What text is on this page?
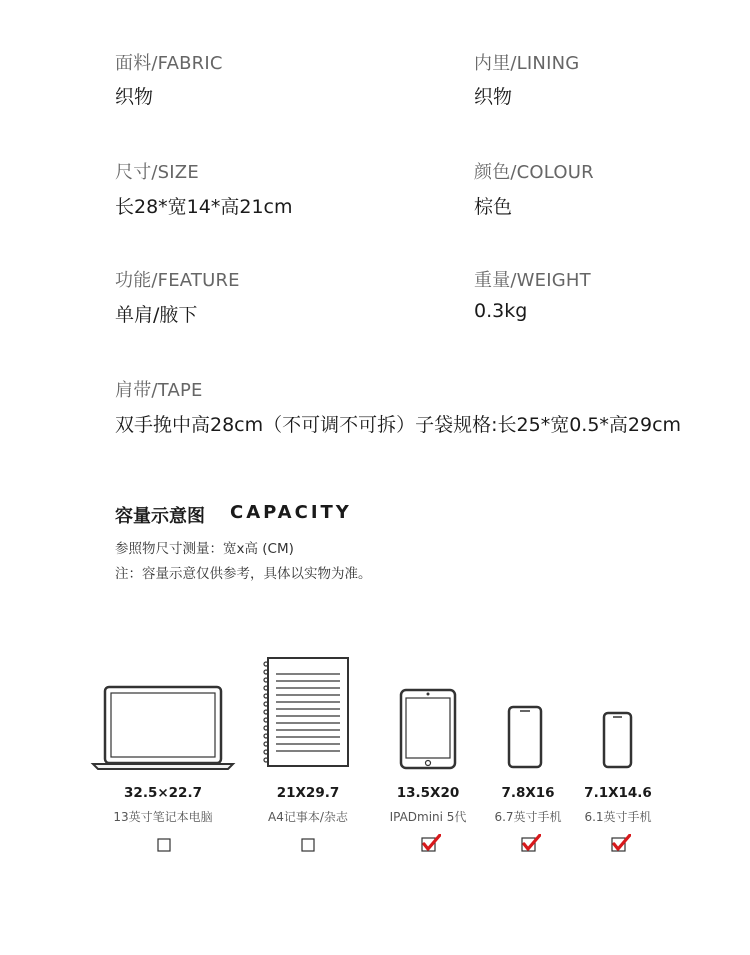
面料/FABRIC
织物
内里/LINING
织物
尺寸/SIZE
长28*宽14*高21cm
颜色/COLOUR
棕色
功能/FEATURE
单肩/腋下
重量/WEIGHT
0.3kg
肩带/TAPE
双手挽中高28cm（不可调不可拆）子袋规格:长25*宽0.5*高29cm
容量示意图 CAPACITY
参照物尺寸测量：宽x高 (CM)
注：容量示意仅供参考，具体以实物为准。
32.5×22.7
13英寸笔记本电脑
21X29.7
A4记事本/杂志
13.5X20
IPADmini 5代
7.8X16
6.7英寸手机
7.1X14.6
6.1英寸手机
